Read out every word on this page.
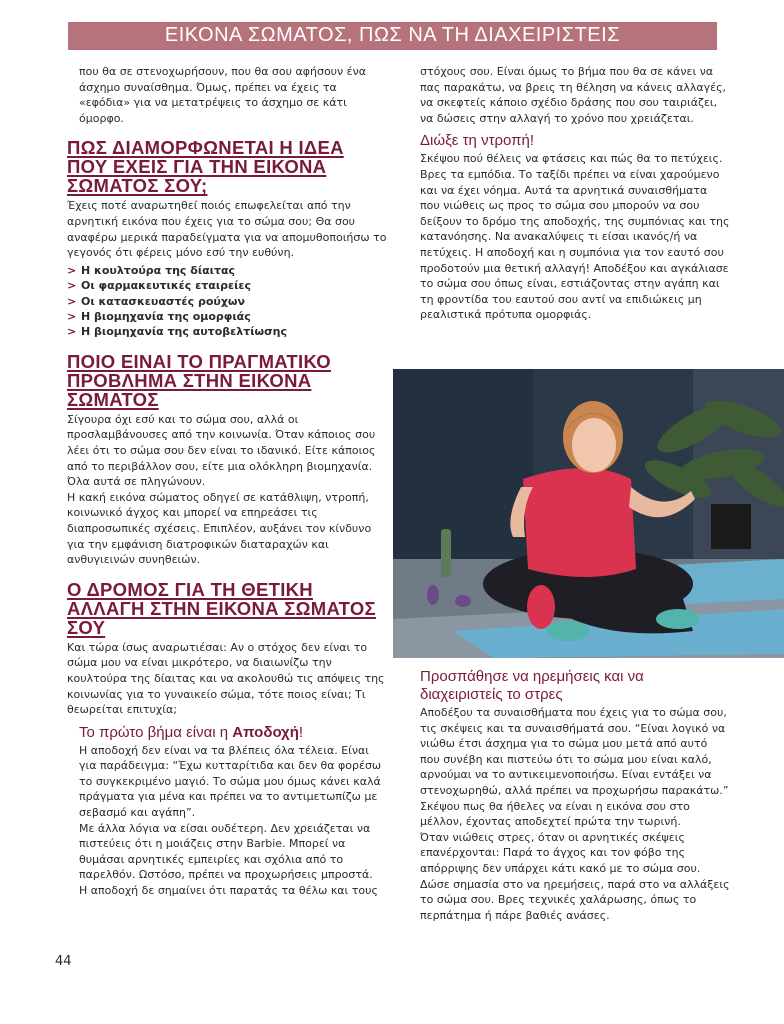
ΕΙΚΟΝΑ ΣΩΜΑΤΟΣ, ΠΩΣ ΝΑ ΤΗ ΔΙΑΧΕΙΡΙΣΤΕΙΣ

που θα σε στενοχωρήσουν, που θα σου αφήσουν ένα άσχημο συναίσθημα. Όμως, πρέπει να έχεις τα «εφόδια» για να μετατρέψεις το άσχημο σε κάτι όμορφο.

ΠΩΣ ΔΙΑΜΟΡΦΩΝΕΤΑΙ Η ΙΔΕΑ ΠΟΥ ΕΧΕΙΣ ΓΙΑ ΤΗΝ ΕΙΚΟΝΑ ΣΩΜΑΤΟΣ ΣΟΥ;

Έχεις ποτέ αναρωτηθεί ποιός επωφελείται από την αρνητική εικόνα που έχεις για το σώμα σου; Θα σου αναφέρω μερικά παραδείγματα για να απομυθοποιήσω το γεγονός ότι φέρεις μόνο εσύ την ευθύνη.

> Η κουλτούρα της δίαιτας
> Οι φαρμακευτικές εταιρείες
> Οι κατασκευαστές ρούχων
> Η βιομηχανία της ομορφιάς
> Η βιομηχανία της αυτοβελτίωσης
ΠΟΙΟ ΕΙΝΑΙ ΤΟ ΠΡΑΓΜΑΤΙΚΟ ΠΡΟΒΛΗΜΑ ΣΤΗΝ ΕΙΚΟΝΑ ΣΩΜΑΤΟΣ

Σίγουρα όχι εσύ και το σώμα σου, αλλά οι προσλαμβάνουσες από την κοινωνία. Όταν κάποιος σου λέει ότι το σώμα σου δεν είναι το ιδανικό. Είτε κάποιος από το περιβάλλον σου, είτε μια ολόκληρη βιομηχανία. Όλα αυτά σε πληγώνουν.

Η κακή εικόνα σώματος οδηγεί σε κατάθλιψη, ντροπή, κοινωνικό άγχος και μπορεί να επηρεάσει τις διαπροσωπικές σχέσεις. Επιπλέον, αυξάνει τον κίνδυνο για την εμφάνιση διατροφικών διαταραχών και ανθυγιεινών συνηθειών.

Ο ΔΡΟΜΟΣ ΓΙΑ ΤΗ ΘΕΤΙΚΗ ΑΛΛΑΓΗ ΣΤΗΝ ΕΙΚΟΝΑ ΣΩΜΑΤΟΣ ΣΟΥ

Και τώρα ίσως αναρωτιέσαι: Αν ο στόχος δεν είναι το σώμα μου να είναι μικρότερο, να διαιωνίζω την κουλτούρα της δίαιτας και να ακολουθώ τις απόψεις της κοινωνίας για το γυναικείο σώμα, τότε ποιος είναι; Τι θεωρείται επιτυχία;

Το πρώτο βήμα είναι η Αποδοχή!

Η αποδοχή δεν είναι να τα βλέπεις όλα τέλεια. Είναι για παράδειγμα: “Έχω κυτταρίτιδα και δεν θα φορέσω το συγκεκριμένο μαγιό. Το σώμα μου όμως κάνει καλά πράγματα για μένα και πρέπει να το αντιμετωπίζω με σεβασμό και αγάπη”.

Με άλλα λόγια να είσαι ουδέτερη. Δεν χρειάζεται να πιστεύεις ότι η μοιάζεις στην Barbie. Μπορεί να θυμάσαι αρνητικές εμπειρίες και σχόλια από το παρελθόν. Ωστόσο, πρέπει να προχωρήσεις μπροστά.

Η αποδοχή δε σημαίνει ότι παρατάς τα θέλω και τους

στόχους σου. Είναι όμως το βήμα που θα σε κάνει να πας παρακάτω, να βρεις τη θέληση να κάνεις αλλαγές, να σκεφτείς κάποιο σχέδιο δράσης που σου ταιριάζει, να δώσεις στην αλλαγή το χρόνο που χρειάζεται.

Διώξε τη ντροπή!

Σκέψου πού θέλεις να φτάσεις και πώς θα το πετύχεις. Βρες τα εμπόδια. Το ταξίδι πρέπει να είναι χαρούμενο και να έχει νόημα. Αυτά τα αρνητικά συναισθήματα που νιώθεις ως προς το σώμα σου μπορούν να σου δείξουν το δρόμο της αποδοχής, της συμπόνιας και της κατανόησης. Να ανακαλύψεις τι είσαι ικανός/ή να πετύχεις. Η αποδοχή και η συμπόνια για τον εαυτό σου προδοτούν μια θετική αλλαγή! Αποδέξου και αγκάλιασε το σώμα σου όπως είναι, εστιάζοντας στην αγάπη και τη φροντίδα του εαυτού σου αντί να επιδιώκεις μη ρεαλιστικά πρότυπα ομορφιάς.

Προσπάθησε να ηρεμήσεις και να διαχειριστείς το στρες

Αποδέξου τα συναισθήματα που έχεις για το σώμα σου, τις σκέψεις και τα συναισθήματά σου. “Είναι λογικό να νιώθω έτσι άσχημα για το σώμα μου μετά από αυτό που συνέβη και πιστεύω ότι το σώμα μου είναι καλό, αρνούμαι να το αντικειμενοποιήσω. Είναι εντάξει να στενοχωρηθώ, αλλά πρέπει να προχωρήσω παρακάτω.”

Σκέψου πως θα ήθελες να είναι η εικόνα σου στο μέλλον, έχοντας αποδεχτεί πρώτα την τωρινή.

Όταν νιώθεις στρες, όταν οι αρνητικές σκέψεις επανέρχονται: Παρά το άγχος και τον φόβο της απόρριψης δεν υπάρχει κάτι κακό με το σώμα σου. Δώσε σημασία στο να ηρεμήσεις, παρά στο να αλλάξεις το σώμα σου. Βρες τεχνικές χαλάρωσης, όπως το περπάτημα ή πάρε βαθιές ανάσες.

44
